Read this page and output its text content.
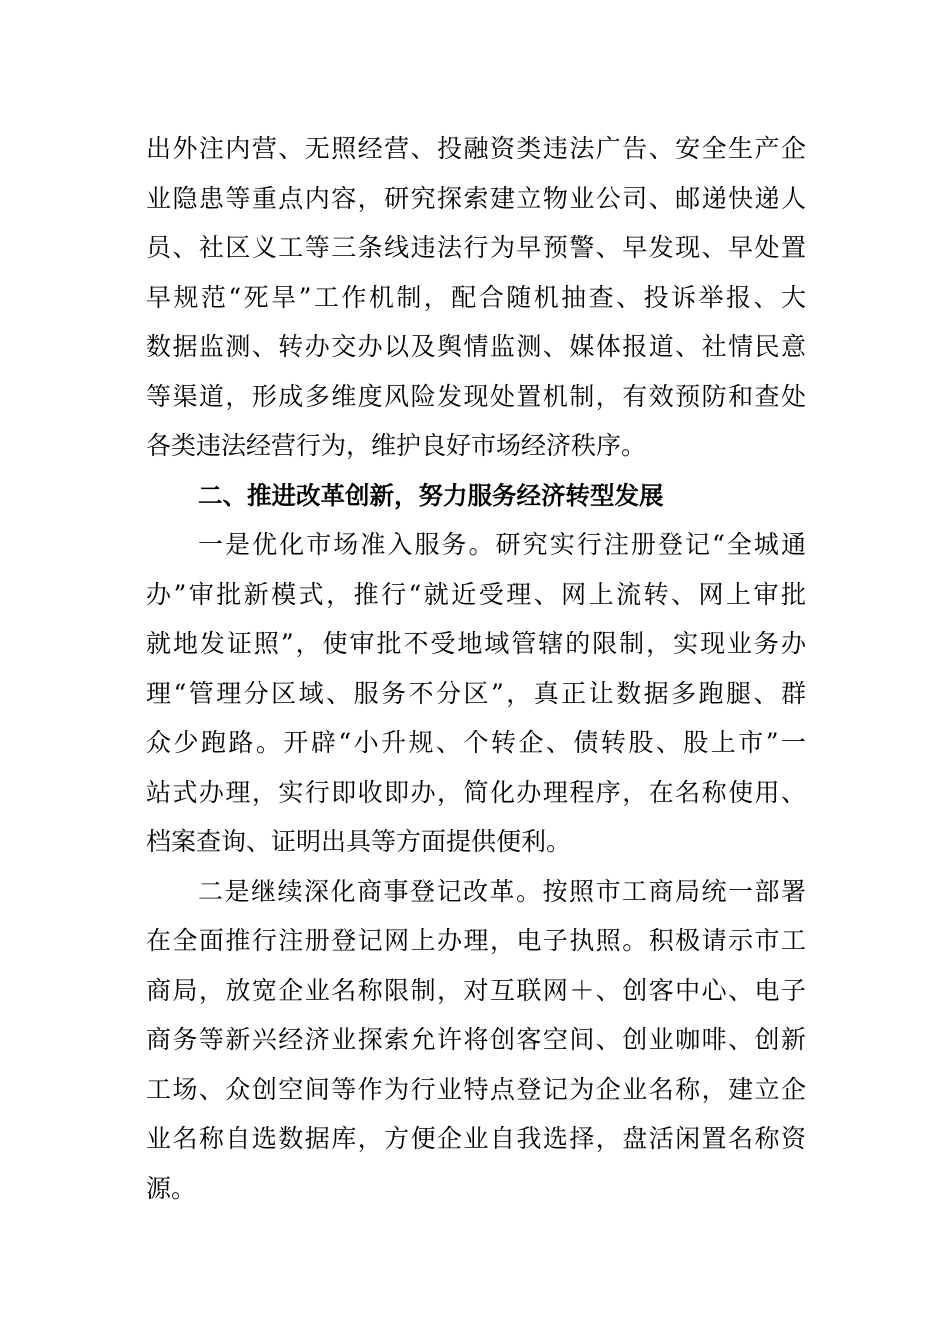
出外注内营、无照经营、投融资类违法广告、安全生产企
业隐患等重点内容，研究探索建立物业公司、邮递快递人
员、社区义工等三条线违法行为早预警、早发现、早处置
早规范“死旱”工作机制，配合随机抽查、投诉举报、大
数据监测、转办交办以及舆情监测、媒体报道、社情民意
等渠道，形成多维度风险发现处置机制，有效预防和查处
各类违法经营行为，维护良好市场经济秩序。
二、推进改革创新，努力服务经济转型发展
一是优化市场准入服务。研究实行注册登记“全城通
办”审批新模式，推行“就近受理、网上流转、网上审批
就地发证照”，使审批不受地域管辖的限制，实现业务办
理“管理分区域、服务不分区”，真正让数据多跑腿、群
众少跑路。开辟“小升规、个转企、债转股、股上市”一
站式办理，实行即收即办，简化办理程序，在名称使用、
档案查询、证明出具等方面提供便利。
二是继续深化商事登记改革。按照市工商局统一部署
在全面推行注册登记网上办理，电子执照。积极请示市工
商局，放宽企业名称限制，对互联网＋、创客中心、电子
商务等新兴经济业探索允许将创客空间、创业咖啡、创新
工场、众创空间等作为行业特点登记为企业名称，建立企
业名称自选数据库，方便企业自我选择，盘活闲置名称资
源。
